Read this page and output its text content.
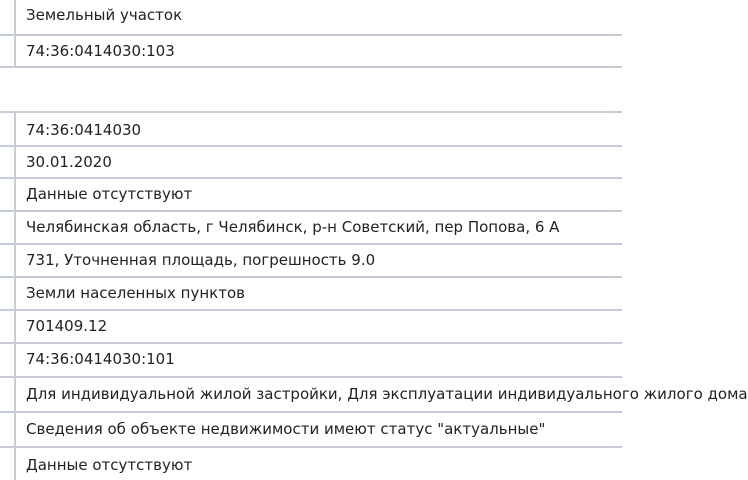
Земельный участок
74:36:0414030:103
74:36:0414030
30.01.2020
Данные отсутствуют
Челябинская область, г Челябинск, р-н Советский, пер Попова, 6 А
731, Уточненная площадь, погрешность 9.0
Земли населенных пунктов
701409.12
74:36:0414030:101
Для индивидуальной жилой застройки, Для эксплуатации индивидуального жилого дома
Сведения об объекте недвижимости имеют статус "актуальные"
Данные отсутствуют
